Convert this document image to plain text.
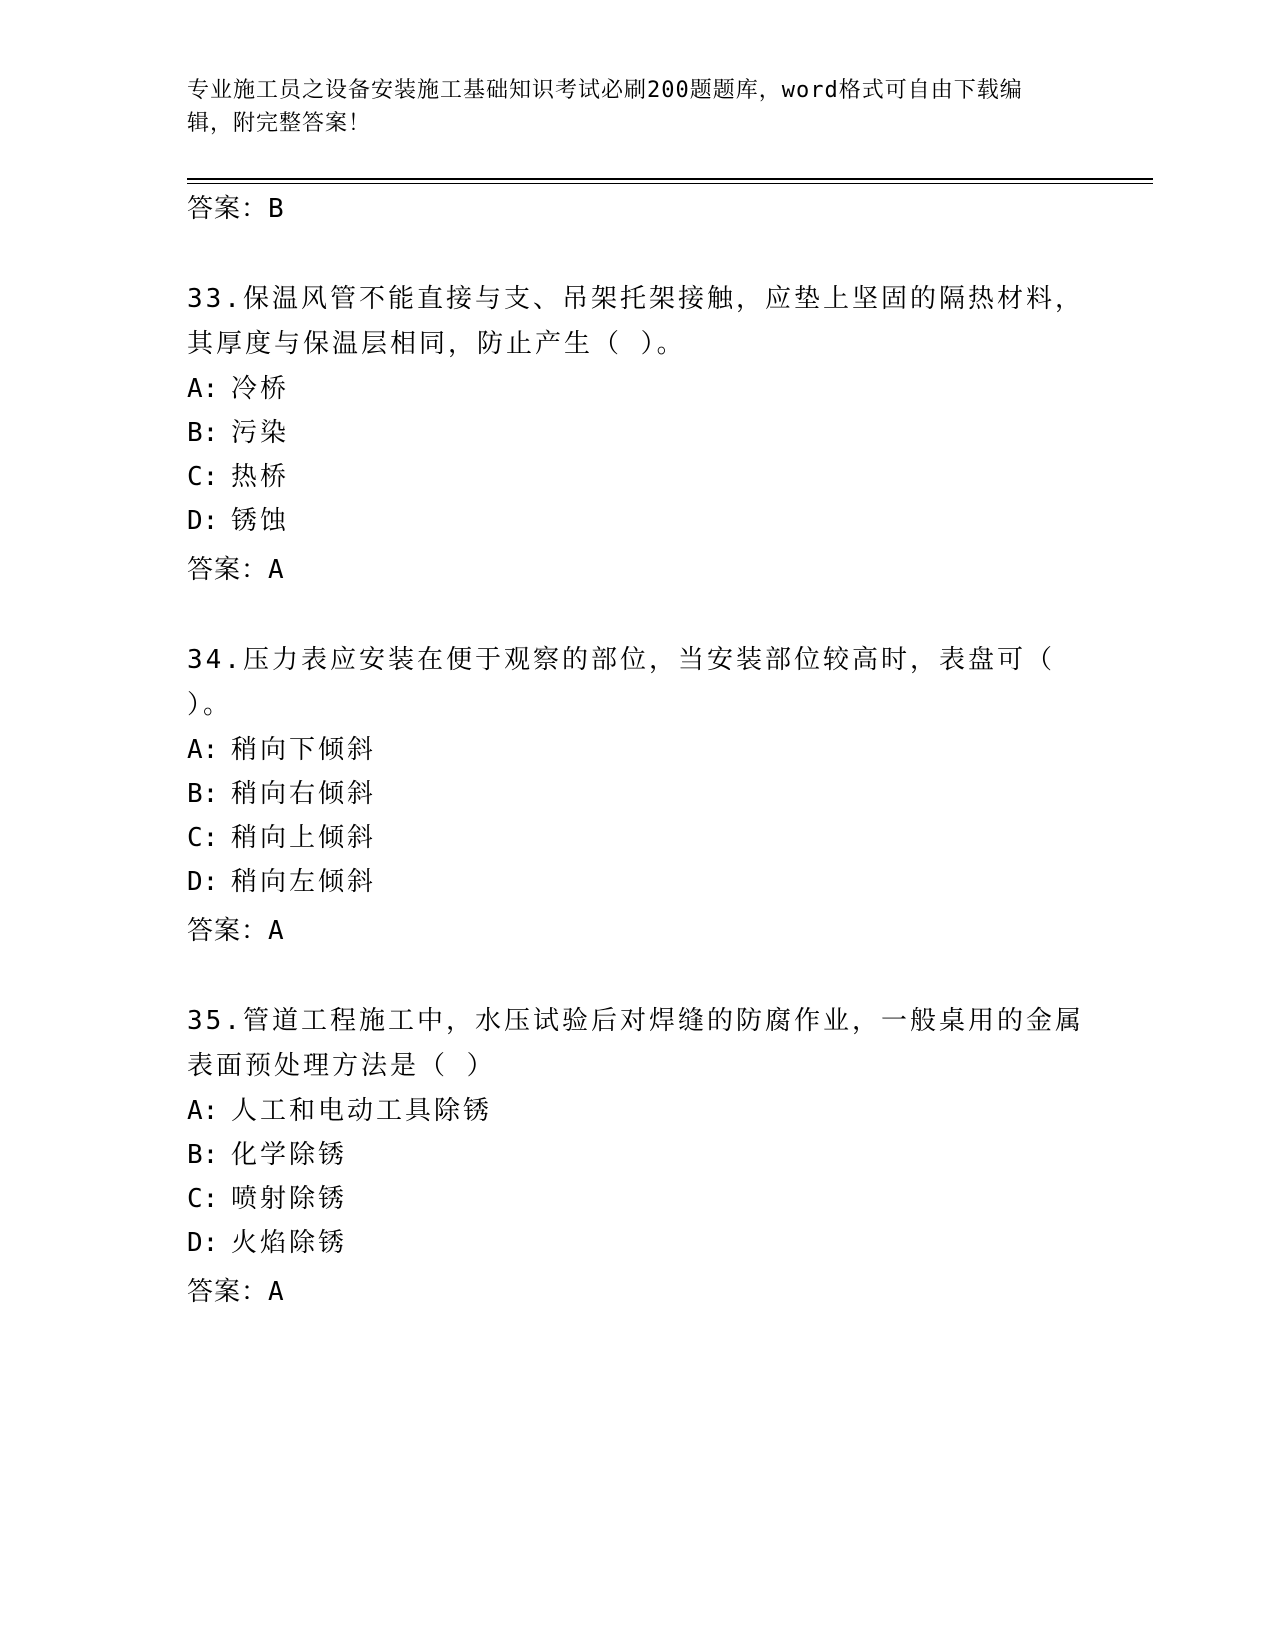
专业施工员之设备安装施工基础知识考试必刷200题题库，word格式可自由下载编辑，附完整答案！
答案：B
33.保温风管不能直接与支、吊架托架接触，应垫上坚固的隔热材料，其厚度与保温层相同，防止产生（ ）。
A: 冷桥
B: 污染
C: 热桥
D: 锈蚀
答案：A
34.压力表应安装在便于观察的部位，当安装部位较高时，表盘可（ ）。
A: 稍向下倾斜
B: 稍向右倾斜
C: 稍向上倾斜
D: 稍向左倾斜
答案：A
35.管道工程施工中，水压试验后对焊缝的防腐作业，一般桌用的金属表面预处理方法是（ ）
A: 人工和电动工具除锈
B: 化学除锈
C: 喷射除锈
D: 火焰除锈
答案：A
